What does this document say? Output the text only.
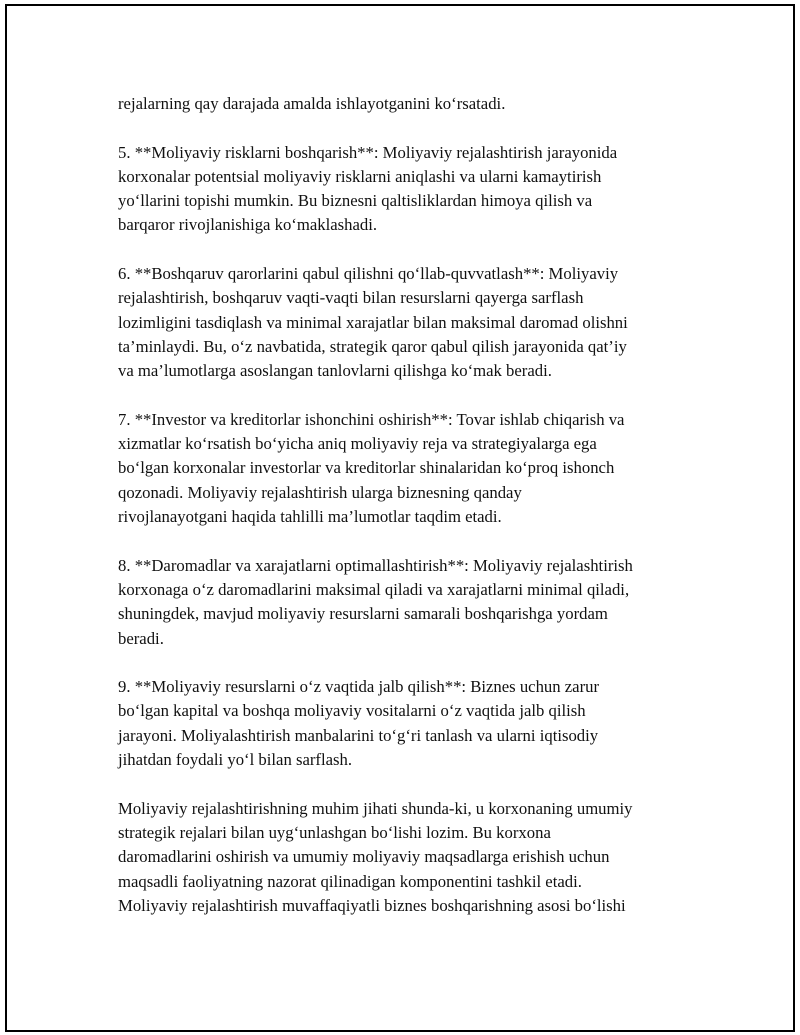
rejalarning qay darajada amalda ishlayotganini ko‘rsatadi.

5. **Moliyaviy risklarni boshqarish**: Moliyaviy rejalashtirish jarayonida
korxonalar potentsial moliyaviy risklarni aniqlashi va ularni kamaytirish
yo‘llarini topishi mumkin. Bu biznesni qaltisliklardan himoya qilish va
barqaror rivojlanishiga ko‘maklashadi.

6. **Boshqaruv qarorlarini qabul qilishni qo‘llab-quvvatlash**: Moliyaviy
rejalashtirish, boshqaruv vaqti-vaqti bilan resurslarni qayerga sarflash
lozimligini tasdiqlash va minimal xarajatlar bilan maksimal daromad olishni
ta’minlaydi. Bu, o‘z navbatida, strategik qaror qabul qilish jarayonida qat’iy
va ma’lumotlarga asoslangan tanlovlarni qilishga ko‘mak beradi.

7. **Investor va kreditorlar ishonchini oshirish**: Tovar ishlab chiqarish va
xizmatlar ko‘rsatish bo‘yicha aniq moliyaviy reja va strategiyalarga ega
bo‘lgan korxonalar investorlar va kreditorlar shinalaridan ko‘proq ishonch
qozonadi. Moliyaviy rejalashtirish ularga biznesning qanday
rivojlanayotgani haqida tahlilli ma’lumotlar taqdim etadi.

8. **Daromadlar va xarajatlarni optimallashtirish**: Moliyaviy rejalashtirish
korxonaga o‘z daromadlarini maksimal qiladi va xarajatlarni minimal qiladi,
shuningdek, mavjud moliyaviy resurslarni samarali boshqarishga yordam
beradi.

9. **Moliyaviy resurslarni o‘z vaqtida jalb qilish**: Biznes uchun zarur
bo‘lgan kapital va boshqa moliyaviy vositalarni o‘z vaqtida jalb qilish
jarayoni. Moliyalashtirish manbalarini to‘g‘ri tanlash va ularni iqtisodiy
jihatdan foydali yo‘l bilan sarflash.

Moliyaviy rejalashtirishning muhim jihati shunda-ki, u korxonaning umumiy
strategik rejalari bilan uyg‘unlashgan bo‘lishi lozim. Bu korxona
daromadlarini oshirish va umumiy moliyaviy maqsadlarga erishish uchun
maqsadli faoliyatning nazorat qilinadigan komponentini tashkil etadi.
Moliyaviy rejalashtirish muvaffaqiyatli biznes boshqarishning asosi bo‘lishi
